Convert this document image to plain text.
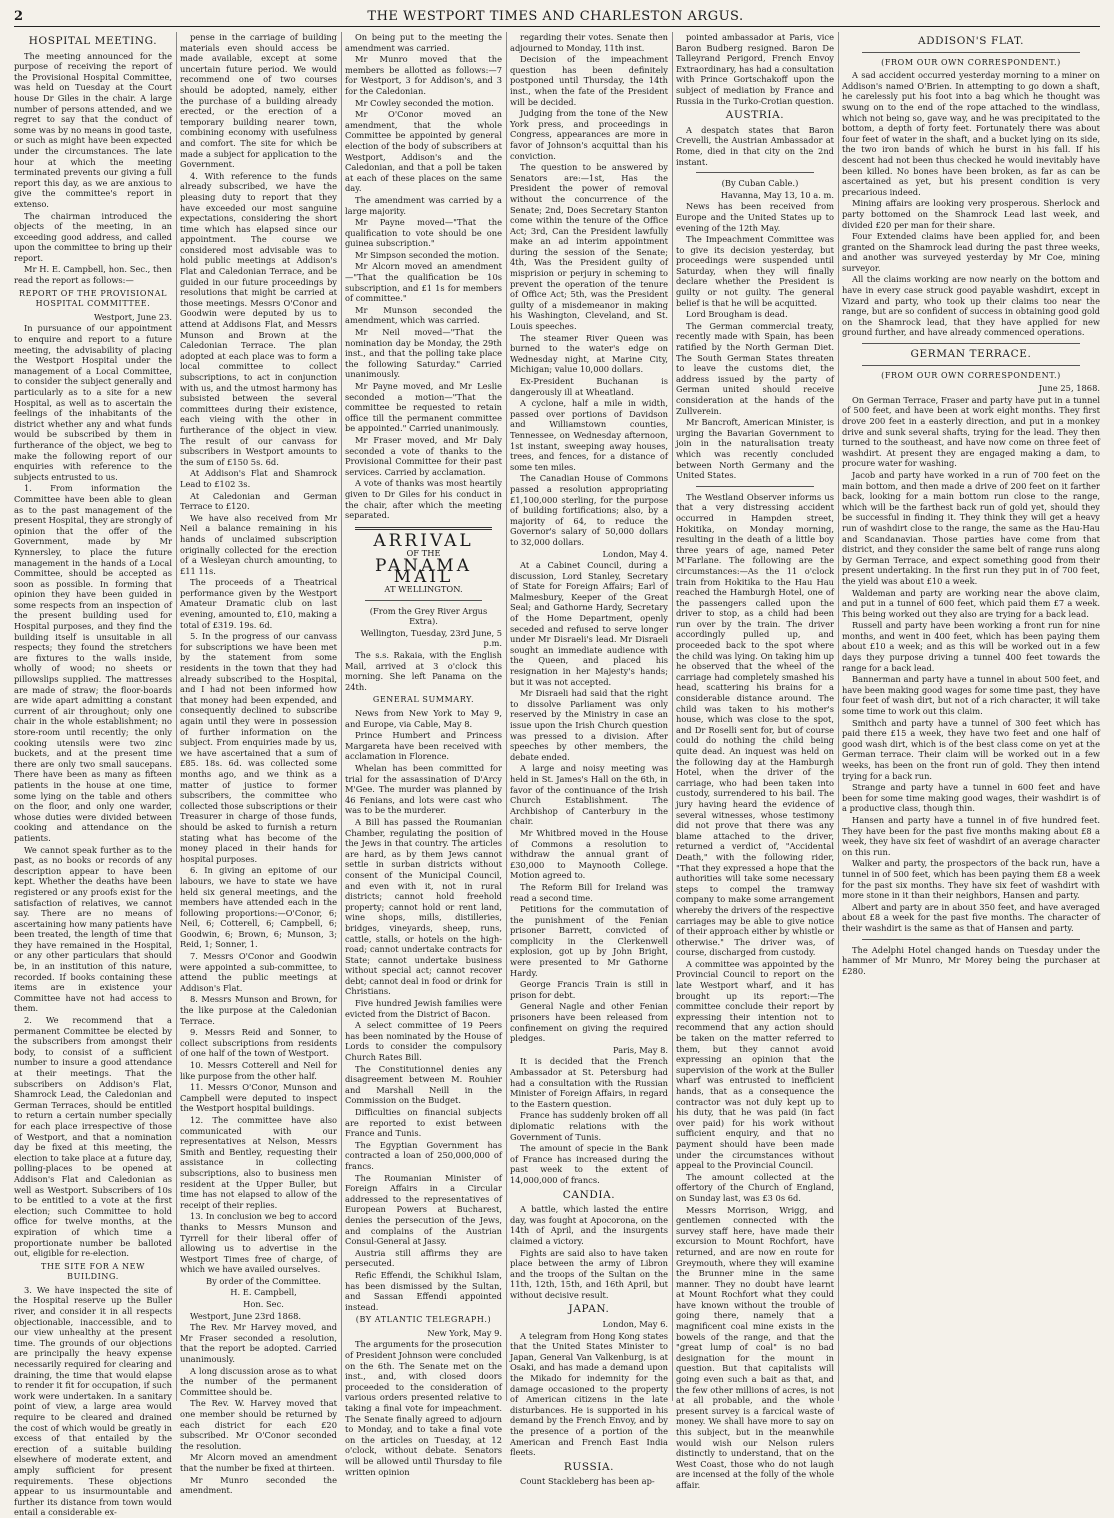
2	THE WESTPORT TIMES AND CHARLESTON ARGUS.
HOSPITAL MEETING.

The meeting announced for the purpose of receiving the report of the Provisional Hospital Committee, was held on Tuesday at the Court house Dr Giles in the chair. A large number of persons attended, and we regret to say that the conduct of some was by no means in good taste, or such as might have been expected under the circumstances. The late hour at which the meeting terminated prevents our giving a full report this day, as we are anxious to give the committee's report in extenso.

The chairman introduced the objects of the meeting, in an exceeding good address, and called upon the committee to bring up their report.

Mr H. E. Campbell, hon. Sec., then read the report as follows:—

REPORT OF THE PROVISIONAL HOSPITAL COMMITTEE.

Westport, June 23.

In pursuance of our appointment to enquire and report to a future meeting, the advisability of placing the Westport Hospital under the management of a Local Committee, to consider the subject generally and particularly as to a site for a new Hospital, as well as to ascertain the feelings of the inhabitants of the district whether any and what funds would be subscribed by them in furtherance of the object, we beg to make the following report of our enquiries with reference to the subjects entrusted to us.

1. From information the Committee have been able to glean as to the past management of the present Hospital, they are strongly of opinion that the offer of the Government, made by Mr Kynnersley, to place the future management in the hands of a Local Committee, should be accepted as soon as possible. In forming that opinion they have been guided in some respects from an inspection of the present building used for Hospital purposes, and they find the building itself is unsuitable in all respects; they found the stretchers are fixtures to the walls inside, wholly of wood; no sheets or pillowslips supplied. The mattresses are made of straw; the floor-boards are wide apart admitting a constant current of air throughout; only one chair in the whole establishment; no store-room until recently; the only cooking utensils were two zinc buckets, and at the present time there are only two small saucepans. There have been as many as fifteen patients in the house at one time, some lying on the table and others on the floor, and only one warder, whose duties were divided between cooking and attendance on the patients.

We cannot speak further as to the past, as no books or records of any description appear to have been kept. Whether the deaths have been registered or any proofs exist for the satisfaction of relatives, we cannot say. There are no means of ascertaining how many patients have been treated, the length of time that they have remained in the Hospital, or any other particulars that should be, in an institution of this nature, recorded. If books containing these items are in existence your Committee have not had access to them.

2. We recommend that a permanent Committee be elected by the subscribers from amongst their body, to consist of a sufficient number to insure a good attendance at their meetings. That the subscribers on Addison's Flat, Shamrock Lead, the Caledonian and German Terraces, should be entitled to return a certain number specially for each place irrespective of those of Westport, and that a nomination day be fixed at this meeting, the election to take place at a future day, polling-places to be opened at Addison's Flat and Caledonian as well as Westport. Subscribers of 10s to be entitled to a vote at the first election; such Committee to hold office for twelve months, at the expiration of which time a proportionate number be balloted out, eligible for re-election.

THE SITE FOR A NEW BUILDING.

3. We have inspected the site of the Hospital reserve up the Buller river, and consider it in all respects objectionable, inaccessible, and to our view unhealthy at the present time. The grounds of our objections are principally the heavy expense necessarily required for clearing and draining, the time that would elapse to render it fit for occupation, if such work were undertaken. In a sanitary point of view, a large area would require to be cleared and drained the cost of which would be greatly in excess of that entailed by the erection of a suitable building elsewhere of moderate extent, and amply sufficient for present requirements. These objections appear to us insurmountable and further its distance from town would entail a considerable ex-

pense in the carriage of building materials even should access be made available, except at some uncertain future period. We would recommend one of two courses should be adopted, namely, either the purchase of a building already erected, or the erection of a temporary building nearer town, combining economy with usefulness and comfort. The site for which be made a subject for application to the Government.

4. With reference to the funds already subscribed, we have the pleasing duty to report that they have exceeded our most sanguine expectations, considering the short time which has elapsed since our appointment. The course we considered most advisable was to hold public meetings at Addison's Flat and Caledonian Terrace, and be guided in our future proceedings by resolutions that might be carried at those meetings. Messrs O'Conor and Goodwin were deputed by us to attend at Addisons Flat, and Messrs Munson and Brown at the Caledonian Terrace. The plan adopted at each place was to form a local committee to collect subscriptions, to act in conjunction with us, and the utmost harmony has subsisted between the several committees during their existence, each vieing with the other in furtherance of the object in view. The result of our canvass for subscribers in Westport amounts to the sum of £150 5s. 6d.

At Addison's Flat and Shamrock Lead to £102 3s.

At Caledonian and German Terrace to £120.

We have also received from Mr Neil a balance remaining in his hands of unclaimed subscription originally collected for the erection of a Wesleyan church amounting, to £11 11s.

The proceeds of a Theatrical performance given by the Westport Amateur Dramatic club on last evening, amounted to, £10, making a total of £319. 19s. 6d.

5. In the progress of our canvass for subscriptions we have been met by the statement from some residents in the town that they had already subscribed to the Hospital, and I had not been informed how that money had been expended, and consequently declined to subscribe again until they were in possession of further information on the subject. From enquiries made by us, we have ascertained that a sum of £85. 18s. 6d. was collected some months ago, and we think as a matter of justice to former subscribers, the committee who collected those subscriptions or their Treasurer in charge of those funds, should be asked to furnish a return stating what has become of the money placed in their hands for hospital purposes.

6. In giving an epitome of our labours, we have to state we have held six general meetings, and the members have attended each in the following proportions:—O'Conor, 6; Neil, 6; Cotterell, 6; Campbell, 6; Goodwin, 6; Brown, 6; Munson, 3; Reid, 1; Sonner, 1.

7. Messrs O'Conor and Goodwin were appointed a sub-committee, to attend the public meetings at Addison's Flat.

8. Messrs Munson and Brown, for the like purpose at the Caledonian Terrace.

9. Messrs Reid and Sonner, to collect subscriptions from residents of one half of the town of Westport.

10. Messrs Cotterell and Neil for like purpose from the other half.

11. Messrs O'Conor, Munson and Campbell were deputed to inspect the Westport hospital buildings.

12. The committee have also communicated with our representatives at Nelson, Messrs Smith and Bentley, requesting their assistance in collecting subscriptions, also to business men resident at the Upper Buller, but time has not elapsed to allow of the receipt of their replies.

13. In conclusion we beg to accord thanks to Messrs Munson and Tyrrell for their liberal offer of allowing us to advertise in the Westport Times free of charge, of which we have availed ourselves.

By order of the Committee.

H. E. Campbell,

Hon. Sec.

Westport, June 23rd 1868.

The Rev. Mr Harvey moved, and Mr Fraser seconded a resolution, that the report be adopted. Carried unanimously.

A long discussion arose as to what the number of the permanent Committee should be.

The Rev. W. Harvey moved that one member should be returned by each district for each £20 subscribed. Mr O'Conor seconded the resolution.

Mr Alcorn moved an amendment that the number be fixed at thirteen.

Mr Munro seconded the amendment.

On being put to the meeting the amendment was carried.

Mr Munro moved that the members be allotted as follows:—7 for Westport, 3 for Addison's, and 3 for the Caledonian.

Mr Cowley seconded the motion.

Mr O'Conor moved an amendment, that the whole Committee be appointed by general election of the body of subscribers at Westport, Addison's and the Caledonian, and that a poll be taken at each of these places on the same day.

The amendment was carried by a large majority.

Mr Payne moved—"That the qualification to vote should be one guinea subscription."

Mr Simpson seconded the motion.

Mr Alcorn moved an amendment—"That the qualification be 10s subscription, and £1 1s for members of committee."

Mr Munson seconded the amendment, which was carried.

Mr Neil moved—"That the nomination day be Monday, the 29th inst., and that the polling take place the following Saturday." Carried unanimously.

Mr Payne moved, and Mr Leslie seconded a motion—"That the committee be requested to retain office till the permanent committee be appointed." Carried unanimously.

Mr Fraser moved, and Mr Daly seconded a vote of thanks to the Provisional Committee for their past services. Carried by acclamation.

A vote of thanks was most heartily given to Dr Giles for his conduct in the chair, after which the meeting separated.

ARRIVAL
OF THE
PANAMA MAIL
AT WELLINGTON.

(From the Grey River Argus Extra).

Wellington, Tuesday, 23rd June, 5 p.m.

The s.s. Rakaia, with the English Mail, arrived at 3 o'clock this morning. She left Panama on the 24th.

GENERAL SUMMARY.

News from New York to May 9, and Europe, via Cable, May 8.

Prince Humbert and Princess Margareta have been received with acclamation in Florence.

Whelan has been committed for trial for the assassination of D'Arcy M'Gee. The murder was planned by 46 Fenians, and lots were cast who was to be the murderer.

A Bill has passed the Roumanian Chamber, regulating the position of the Jews in that country. The articles are hard, as by them Jews cannot settle in surban districts without consent of the Municipal Council, and even with it, not in rural districts; cannot hold freehold property; cannot hold or rent land, wine shops, mills, distilleries, bridges, vineyards, sheep, runs, cattle, stalls, or hotels on the high-road; cannot undertake contracts for State; cannot undertake business without special act; cannot recover debt; cannot deal in food or drink for Christians.

Five hundred Jewish families were evicted from the District of Bacon.

A select committee of 19 Peers has been nominated by the House of Lords to consider the compulsory Church Rates Bill.

The Constitutionnel denies any disagreement between M. Rouhier and Marshall Neill in the Commission on the Budget.

Difficulties on financial subjects are reported to exist between France and Tunis.

The Egyptian Government has contracted a loan of 250,000,000 of francs.

The Roumanian Minister of Foreign Affairs in a Circular addressed to the representatives of European Powers at Bucharest, denies the persecution of the Jews, and complains of the Austrian Consul-General at Jassy.

Austria still affirms they are persecuted.

Refic Effendi, the Schikhul Islam, has been dismissed by the Sultan, and Sassan Effendi appointed instead.

(BY ATLANTIC TELEGRAPH.)

New York, May 9.

The arguments for the prosecution of President Johnson were concluded on the 6th. The Senate met on the inst., and, with closed doors proceeded to the consideration of various orders presented relative to taking a final vote for impeachment. The Senate finally agreed to adjourn to Monday, and to take a final vote on the articles on Tuesday, at 12 o'clock, without debate. Senators will be allowed until Thursday to file written opinion

regarding their votes. Senate then adjourned to Monday, 11th inst.

Decision of the impeachment question has been definitely postponed until Thursday, the 14th inst., when the fate of the President will be decided.

Judging from the tone of the New York press, and proceedings in Congress, appearances are more in favor of Johnson's acquittal than his conviction.

The question to be answered by Senators are:—1st, Has the President the power of removal without the concurrence of the Senate; 2nd, Does Secretary Stanton come within the tenure of the Office Act; 3rd, Can the President lawfully make an ad interim appointment during the session of the Senate; 4th, Was the President guilty of misprision or perjury in scheming to prevent the operation of the tenure of Office Act; 5th, was the President guilty of a misdemeanor in making his Washington, Cleveland, and St. Louis speeches.

The steamer River Queen was burned to the water's edge on Wednesday night, at Marine City, Michigan; value 10,000 dollars.

Ex-President Buchanan is dangerously ill at Wheatland.

A cyclone, half a mile in width, passed over portions of Davidson and Williamstown counties, Tennessee, on Wednesday afternoon, 1st instant, sweeping away houses, trees, and fences, for a distance of some ten miles.

The Canadian House of Commons passed a resolution appropriating £1,100,000 sterling, for the purpose of building fortifications; also, by a majority of 64, to reduce the Governor's salary of 50,000 dollars to 32,000 dollars.

London, May 4.

At a Cabinet Council, during a discussion, Lord Stanley, Secretary of State for Foreign Affairs; Earl of Malmesbury, Keeper of the Great Seal; and Gathorne Hardy, Secretary of the Home Department, openly seceded and refused to serve longer under Mr Disraeli's lead. Mr Disraeli sought an immediate audience with the Queen, and placed his resignation in her Majesty's hands; but it was not accepted.

Mr Disraeli had said that the right to dissolve Parliament was only reserved by the Ministry in case an issue upon the Irish Church question was pressed to a division. After speeches by other members, the debate ended.

A large and noisy meeting was held in St. James's Hall on the 6th, in favor of the continuance of the Irish Church Establishment. The Archbishop of Canterbury in the chair.

Mr Whitbred moved in the House of Commons a resolution to withdraw the annual grant of £30,000 to Maynooth College. Motion agreed to.

The Reform Bill for Ireland was read a second time.

Petitions for the commutation of the punishment of the Fenian prisoner Barrett, convicted of complicity in the Clerkenwell explosion, got up by John Bright, were presented to Mr Gathorne Hardy.

George Francis Train is still in prison for debt.

General Nagle and other Fenian prisoners have been released from confinement on giving the required pledges.

Paris, May 8.

It is decided that the French Ambassador at St. Petersburg had had a consultation with the Russian Minister of Foreign Affairs, in regard to the Eastern question.

France has suddenly broken off all diplomatic relations with the Government of Tunis.

The amount of specie in the Bank of France has increased during the past week to the extent of 14,000,000 of francs.

CANDIA.

A battle, which lasted the entire day, was fought at Apocorona, on the 14th of April, and the insurgents claimed a victory.

Fights are said also to have taken place between the army of Libron and the troops of the Sultan on the 11th, 12th, 15th, and 16th April, but without decisive result.

JAPAN.

London, May 6.

A telegram from Hong Kong states that the United States Minister to Japan, General Van Valkenburg, is at Osaki, and has made a demand upon the Mikado for indemnity for the damage occasioned to the property of American citizens in the late disturbances. He is supported in his demand by the French Envoy, and by the presence of a portion of the American and French East India fleets.

RUSSIA.

Count Stackleberg has been ap-

pointed ambassador at Paris, vice Baron Budberg resigned. Baron De Talleyrand Perigord, French Envoy Extraordinary, has had a consultation with Prince Gortschakoff upon the subject of mediation by France and Russia in the Turko-Crotian question.

AUSTRIA.

A despatch states that Baron Crevelli, the Austrian Ambassador at Rome, died in that city on the 2nd instant.

(By Cuban Cable.)

Havanna, May 13, 10 a. m.

News has been received from Europe and the United States up to evening of the 12th May.

The Impeachment Committee was to give its decision yesterday, but proceedings were suspended until Saturday, when they will finally declare whether the President is guilty or not guilty. The general belief is that he will be acquitted.

Lord Brougham is dead.

The German commercial treaty, recently made with Spain, has been ratified by the North German Diet. The South German States threaten to leave the customs diet, the address issued by the party of German united should receive consideration at the hands of the Zullverein.

Mr Bancroft, American Minister, is urging the Bavarian Government to join in the naturalisation treaty which was recently concluded between North Germany and the United States.

The Westland Observer informs us that a very distressing accident occurred in Hampden street, Hokitika, on Monday morning, resulting in the death of a little boy three years of age, named Peter M'Farlane. The following are the circumstances:—As the 11 o'clock train from Hokitika to the Hau Hau reached the Hamburgh Hotel, one of the passengers called upon the driver to stop, as a child had been run over by the train. The driver accordingly pulled up, and proceeded back to the spot where the child was lying. On taking him up he observed that the wheel of the carriage had completely smashed his head, scattering his brains for a considerable distance around. The child was taken to his mother's house, which was close to the spot, and Dr Roselli sent for, but of course could do nothing the child being quite dead. An inquest was held on the following day at the Hamburgh Hotel, when the driver of the carriage, who had been taken into custody, surrendered to his bail. The jury having heard the evidence of several witnesses, whose testimony did not prove that there was any blame attached to the driver, returned a verdict of, "Accidental Death," with the following rider, "That they expressed a hope that the authorities will take some necessary steps to compel the tramway company to make some arrangement whereby the drivers of the respective carriages may be able to give notice of their approach either by whistle or otherwise." The driver was, of course, discharged from custody.

A committee was appointed by the Provincial Council to report on the late Westport wharf, and it has brought up its report:—The committee conclude their report by expressing their intention not to recommend that any action should be taken on the matter referred to them, but they cannot avoid expressing an opinion that the supervision of the work at the Buller wharf was entrusted to inefficient hands, that as a consequence the contractor was not duly kept up to his duty, that he was paid (in fact over paid) for his work without sufficient enquiry, and that no payment should have been made under the circumstances without appeal to the Provincial Council.

The amount collected at the offertory of the Church of England, on Sunday last, was £3 0s 6d.

Messrs Morrison, Wrigg, and gentlemen connected with the survey staff here, have made their excursion to Mount Rochfort, have returned, and are now en route for Greymouth, where they will examine the Brunner mine in the same manner. They no doubt have learnt at Mount Rochfort what they could have known without the trouble of going there, namely that a magnificent coal mine exists in the bowels of the range, and that the "great lump of coal" is no bad designation for the mount in question. But that capitalists will going even such a bait as that, and the few other millions of acres, is not at all probable, and the whole present survey is a farcical waste of money. We shall have more to say on this subject, but in the meanwhile would wish our Nelson rulers distinctly to understand, that on the West Coast, those who do not laugh are incensed at the folly of the whole affair.

ADDISON'S FLAT.
(FROM OUR OWN CORRESPONDENT.)

A sad accident occurred yesterday morning to a miner on Addison's named O'Brien. In attempting to go down a shaft, he carelessly put his foot into a bag which he thought was swung on to the end of the rope attached to the windlass, which not being so, gave way, and he was precipitated to the bottom, a depth of forty feet. Fortunately there was about four feet of water in the shaft, and a bucket lying on its side, the two iron bands of which he burst in his fall. If his descent had not been thus checked he would inevitably have been killed. No bones have been broken, as far as can be ascertained as yet, but his present condition is very precarious indeed.

Mining affairs are looking very prosperous. Sherlock and party bottomed on the Shamrock Lead last week, and divided £20 per man for their share.

Four Extended claims have been applied for, and been granted on the Shamrock lead during the past three weeks, and another was surveyed yesterday by Mr Coe, mining surveyor.

All the claims working are now nearly on the bottom and have in every case struck good payable washdirt, except in Vizard and party, who took up their claims too near the range, but are so confident of success in obtaining good gold on the Shamrock lead, that they have applied for new ground further, and have already commenced operations.

GERMAN TERRACE.
(FROM OUR OWN CORRESPONDENT.)

June 25, 1868.

On German Terrace, Fraser and party have put in a tunnel of 500 feet, and have been at work eight months. They first drove 200 feet in a easterly direction, and put in a monkey drive and sunk several shafts, trying for the lead. They then turned to the southeast, and have now come on three feet of washdirt. At present they are engaged making a dam, to procure water for washing.

Jacob and party have worked in a run of 700 feet on the main bottom, and then made a drive of 200 feet on it farther back, looking for a main bottom run close to the range, which will be the farthest back run of gold yet, should they be successful in finding it. They think they will get a heavy run of washdirt close to the range, the same as the Hau-Hau and Scandanavian. Those parties have come from that district, and they consider the same belt of range runs along by German Terrace, and expect something good from their present undertaking. In the first run they put in of 700 feet, the yield was about £10 a week.

Waldeman and party are working near the above claim, and put in a tunnel of 600 feet, which paid them £7 a week. This being worked out they also are trying for a back lead.

Russell and party have been working a front run for nine months, and went in 400 feet, which has been paying them about £10 a week; and as this will be worked out in a few days they purpose driving a tunnel 400 feet towards the range for a back lead.

Bannerman and party have a tunnel in about 500 feet, and have been making good wages for some time past, they have four feet of wash dirt, but not of a rich character, it will take some time to work out this claim.

Smithch and party have a tunnel of 300 feet which has paid there £15 a week, they have two feet and one half of good wash dirt, which is of the best class come on yet at the German terrace. Their claim will be worked out in a few weeks, has been on the front run of gold. They then intend trying for a back run.

Strange and party have a tunnel in 600 feet and have been for some time making good wages, their washdirt is of a productive class, though thin.

Hansen and party have a tunnel in of five hundred feet. They have been for the past five months making about £8 a week, they have six feet of washdirt of an average character on this run.

Walker and party, the prospectors of the back run, have a tunnel in of 500 feet, which has been paying them £8 a week for the past six months. They have six feet of washdirt with more stone in it than their neighbors, Hansen and party.

Albert and party are in about 350 feet, and have averaged about £8 a week for the past five months. The character of their washdirt is the same as that of Hansen and party.

The Adelphi Hotel changed hands on Tuesday under the hammer of Mr Munro, Mr Morey being the purchaser at £280.
